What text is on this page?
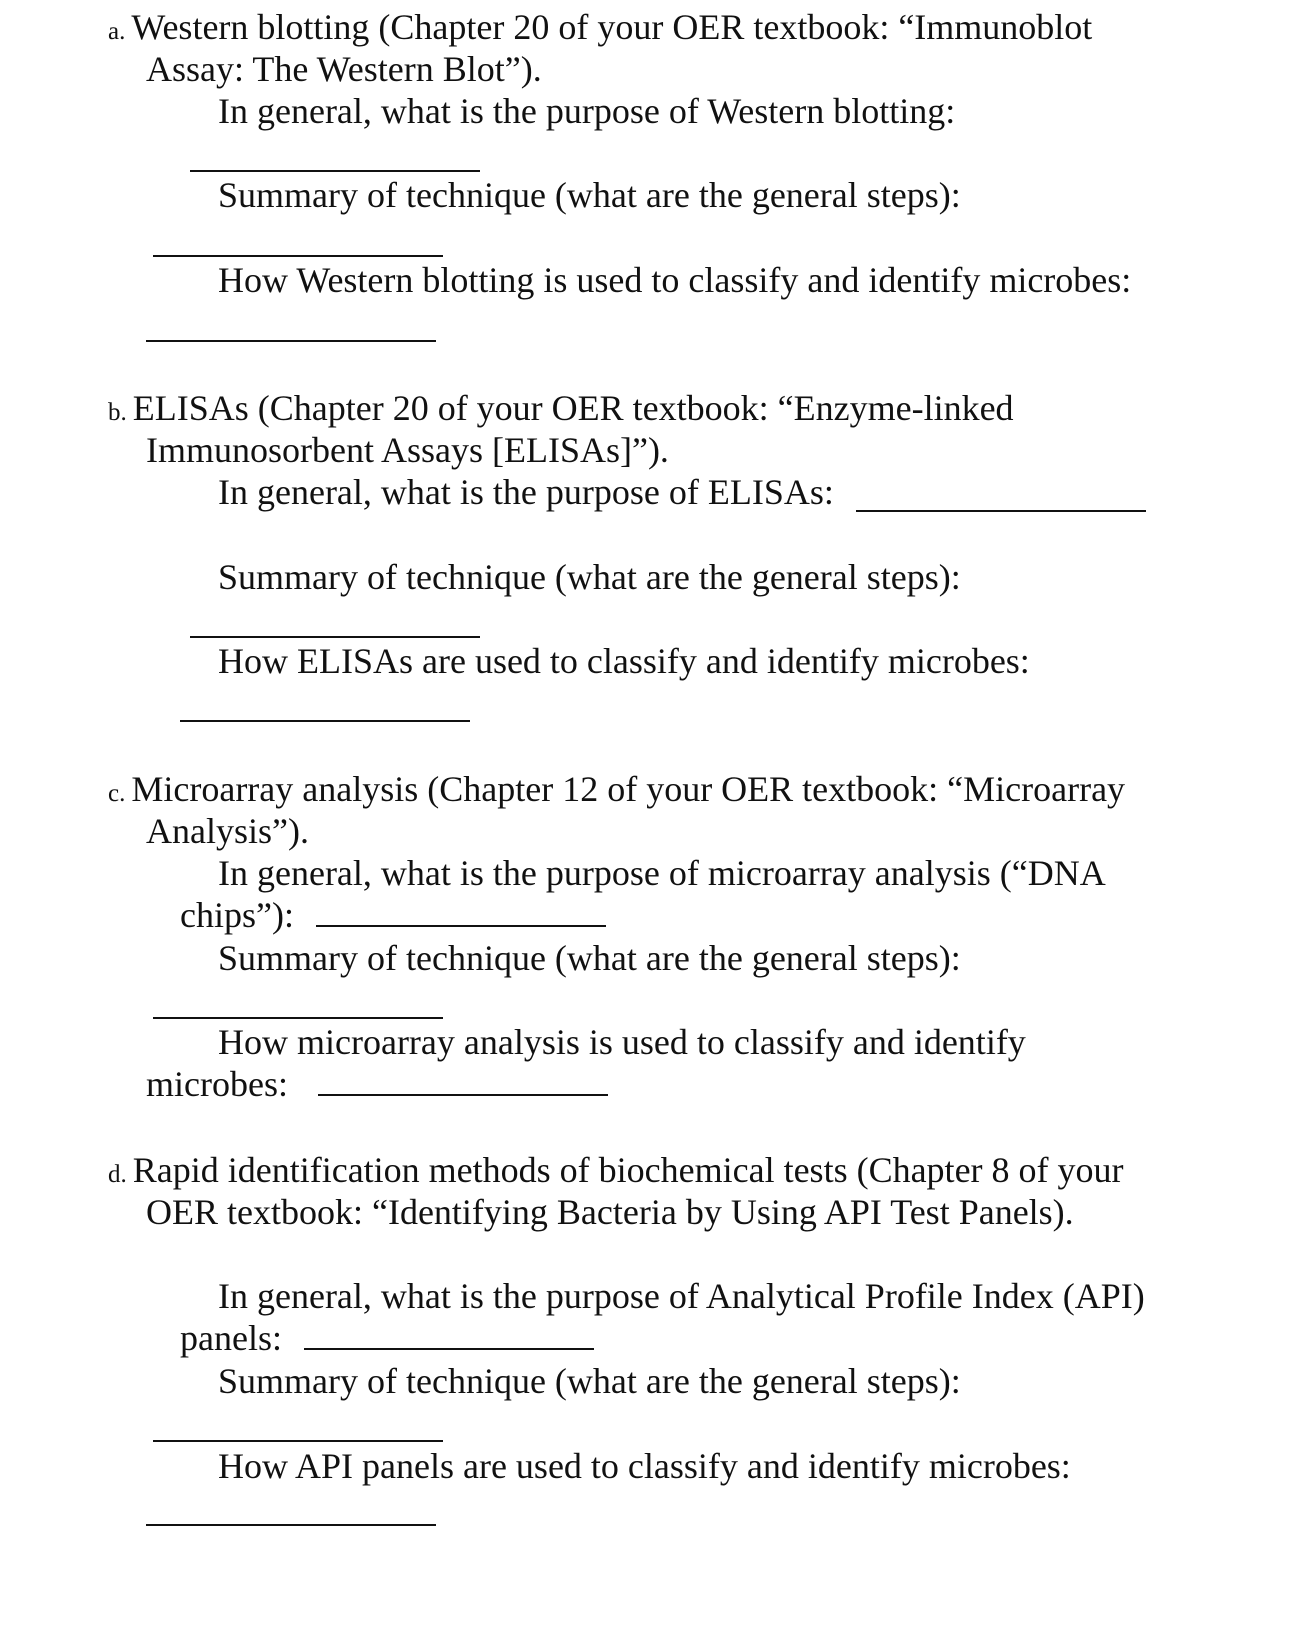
a. Western blotting (Chapter 20 of your OER textbook: “Immunoblot
Assay: The Western Blot”).
In general, what is the purpose of Western blotting:
Summary of technique (what are the general steps):
How Western blotting is used to classify and identify microbes:
b. ELISAs (Chapter 20 of your OER textbook: “Enzyme-linked
Immunosorbent Assays [ELISAs]”).
In general, what is the purpose of ELISAs:
Summary of technique (what are the general steps):
How ELISAs are used to classify and identify microbes:
c. Microarray analysis (Chapter 12 of your OER textbook: “Microarray
Analysis”).
In general, what is the purpose of microarray analysis (“DNA
chips”):
Summary of technique (what are the general steps):
How microarray analysis is used to classify and identify
microbes:
d. Rapid identification methods of biochemical tests (Chapter 8 of your
OER textbook: “Identifying Bacteria by Using API Test Panels).
In general, what is the purpose of Analytical Profile Index (API)
panels:
Summary of technique (what are the general steps):
How API panels are used to classify and identify microbes:
